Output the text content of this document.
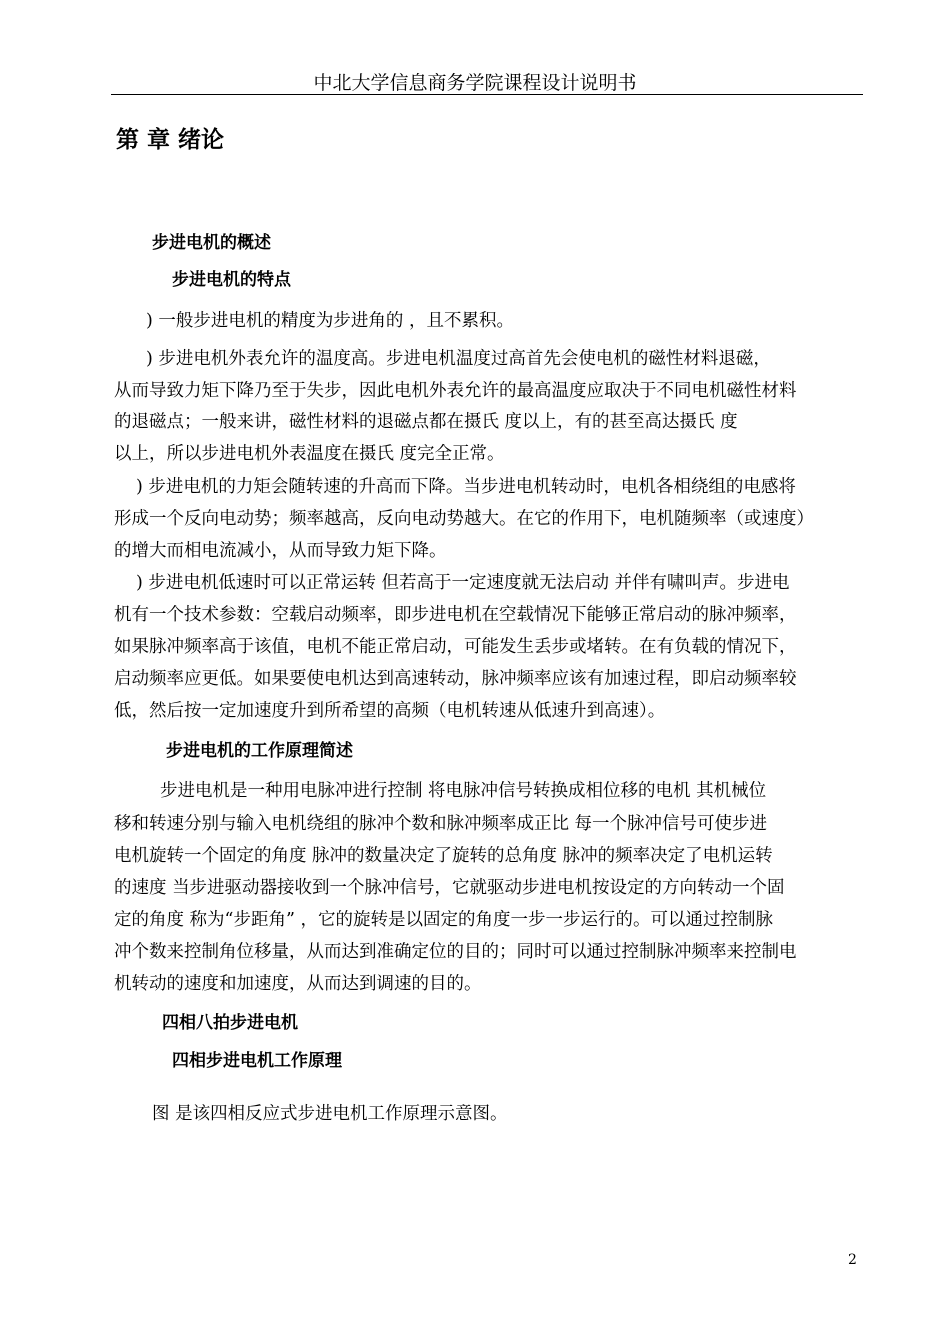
中北大学信息商务学院课程设计说明书
第 章 绪论
步进电机的概述
步进电机的特点
) 一般步进电机的精度为步进角的 ，且不累积。
) 步进电机外表允许的温度高。步进电机温度过高首先会使电机的磁性材料退磁，
从而导致力矩下降乃至于失步，因此电机外表允许的最高温度应取决于不同电机磁性材料
的退磁点；一般来讲，磁性材料的退磁点都在摄氏 度以上，有的甚至高达摄氏 度
以上，所以步进电机外表温度在摄氏 度完全正常。
) 步进电机的力矩会随转速的升高而下降。当步进电机转动时，电机各相绕组的电感将
形成一个反向电动势；频率越高，反向电动势越大。在它的作用下，电机随频率（或速度）
的增大而相电流减小，从而导致力矩下降。
) 步进电机低速时可以正常运转 但若高于一定速度就无法启动 并伴有啸叫声。步进电
机有一个技术参数：空载启动频率，即步进电机在空载情况下能够正常启动的脉冲频率，
如果脉冲频率高于该值，电机不能正常启动，可能发生丢步或堵转。在有负载的情况下，
启动频率应更低。如果要使电机达到高速转动，脉冲频率应该有加速过程，即启动频率较
低，然后按一定加速度升到所希望的高频（电机转速从低速升到高速）。
步进电机的工作原理简述
步进电机是一种用电脉冲进行控制 将电脉冲信号转换成相位移的电机 其机械位
移和转速分别与输入电机绕组的脉冲个数和脉冲频率成正比 每一个脉冲信号可使步进
电机旋转一个固定的角度 脉冲的数量决定了旋转的总角度 脉冲的频率决定了电机运转
的速度 当步进驱动器接收到一个脉冲信号，它就驱动步进电机按设定的方向转动一个固
定的角度 称为“步距角” ，它的旋转是以固定的角度一步一步运行的。可以通过控制脉
冲个数来控制角位移量，从而达到准确定位的目的；同时可以通过控制脉冲频率来控制电
机转动的速度和加速度，从而达到调速的目的。
四相八拍步进电机
四相步进电机工作原理
图 是该四相反应式步进电机工作原理示意图。
2
